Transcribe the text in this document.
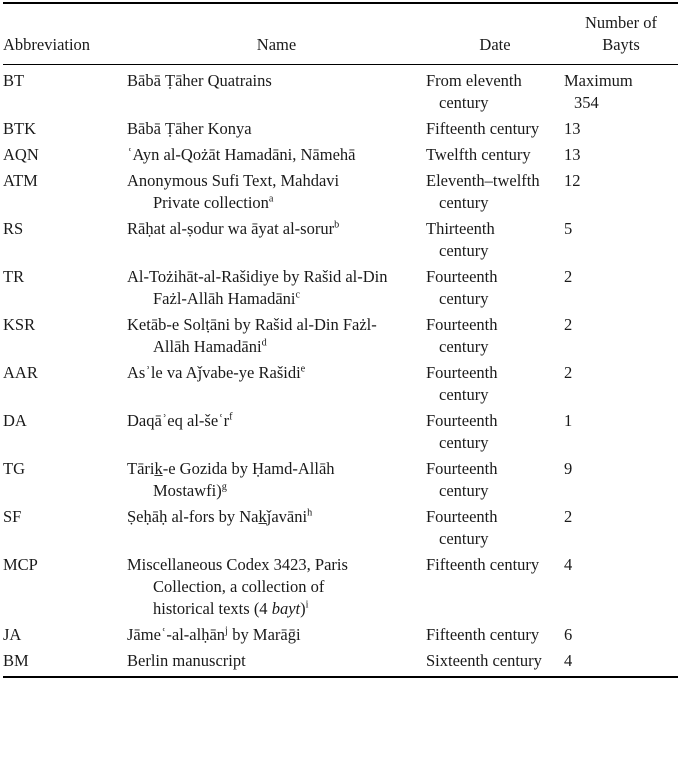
Abbreviation	Name	Date	Number of Bayts
BT	Bābā Ṭāher Quatrains	From eleventh century	Maximum 354
BTK	Bābā Ṭāher Konya	Fifteenth century	13
AQN	ʿAyn al-Qożāt Hamadāni, Nāmehā	Twelfth century	13
ATM	Anonymous Sufi Text, Mahdavi Private collection$^a$	Eleventh–twelfth century	12
RS	Rāḥat al-ṣodur wa āyat al-sorur$^b$	Thirteenth century	5
TR	Al-Tożihāt-al-Rašidiye by Rašid al-Din Fażl-Allāh Hamadāni$^c$	Fourteenth century	2
KSR	Ketāb-e Solṭāni by Rašid al-Din Fażl-Allāh Hamadāni$^d$	Fourteenth century	2
AAR	Asʾle va Aǰvabe-ye Rašidi$^e$	Fourteenth century	2
DA	Daqāʾeq al-šeʿr$^f$	Fourteenth century	1
TG	Tārik̲-e Gozida by Ḥamd-Allāh Mostawfi)$^g$	Fourteenth century	9
SF	Ṣeḥāḥ al-fors by Nak̲ǰavāni$^h$	Fourteenth century	2
MCP	Miscellaneous Codex 3423, Paris Collection, a collection of historical texts (4 bayt)$^i$	Fifteenth century	4
JA	Jāmeʿ-al-alḥān$^j$ by Marāḡi	Fifteenth century	6
BM	Berlin manuscript	Sixteenth century	4
